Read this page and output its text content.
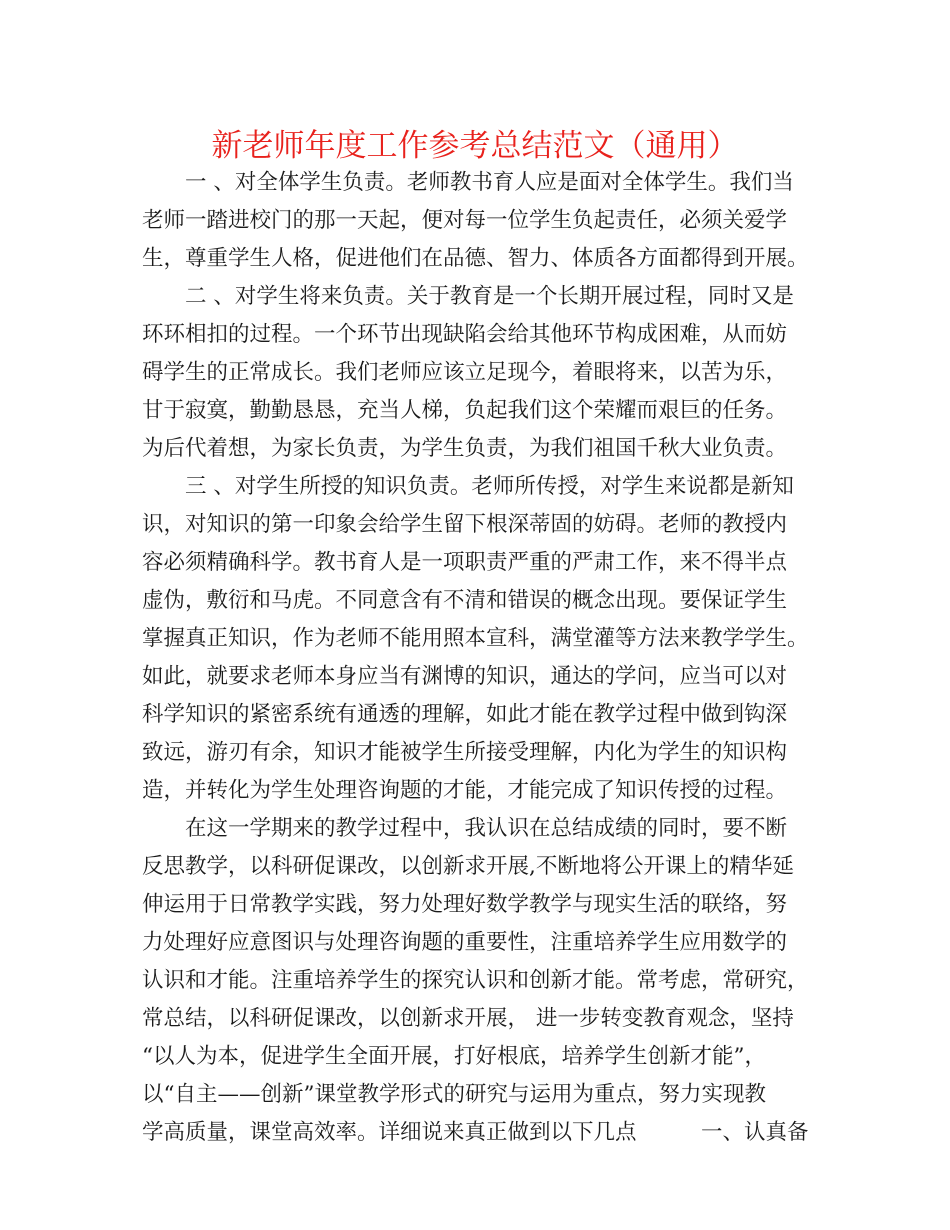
新老师年度工作参考总结范文（通用）

　　一 、对全体学生负责。老师教书育人应是面对全体学生。我们当

老师一踏进校门的那一天起，便对每一位学生负起责任，必须关爱学

生，尊重学生人格，促进他们在品德、智力、体质各方面都得到开展。

　　二 、对学生将来负责。关于教育是一个长期开展过程，同时又是

环环相扣的过程。一个环节出现缺陷会给其他环节构成困难，从而妨

碍学生的正常成长。我们老师应该立足现今，着眼将来，以苦为乐，

甘于寂寞，勤勤恳恳，充当人梯，负起我们这个荣耀而艰巨的任务。

为后代着想，为家长负责，为学生负责，为我们祖国千秋大业负责。

　　三 、对学生所授的知识负责。老师所传授，对学生来说都是新知

识，对知识的第一印象会给学生留下根深蒂固的妨碍。老师的教授内

容必须精确科学。教书育人是一项职责严重的严肃工作，来不得半点

虚伪，敷衍和马虎。不同意含有不清和错误的概念出现。要保证学生

掌握真正知识，作为老师不能用照本宣科，满堂灌等方法来教学学生。

如此，就要求老师本身应当有渊博的知识，通达的学问，应当可以对

科学知识的紧密系统有通透的理解，如此才能在教学过程中做到钩深

致远，游刃有余，知识才能被学生所接受理解，内化为学生的知识构

造，并转化为学生处理咨询题的才能，才能完成了知识传授的过程。

　　在这一学期来的教学过程中，我认识在总结成绩的同时，要不断

反思教学，以科研促课改，以创新求开展,不断地将公开课上的精华延

伸运用于日常教学实践，努力处理好数学教学与现实生活的联络，努

力处理好应意图识与处理咨询题的重要性，注重培养学生应用数学的

认识和才能。注重培养学生的探究认识和创新才能。常考虑，常研究，

常总结，以科研促课改，以创新求开展， 进一步转变教育观念，坚持

“以人为本，促进学生全面开展，打好根底，培养学生创新才能”，

以“自主——创新”课堂教学形式的研究与运用为重点，努力实现教

学高质量，课堂高效率。详细说来真正做到以下几点　　　一、认真备
